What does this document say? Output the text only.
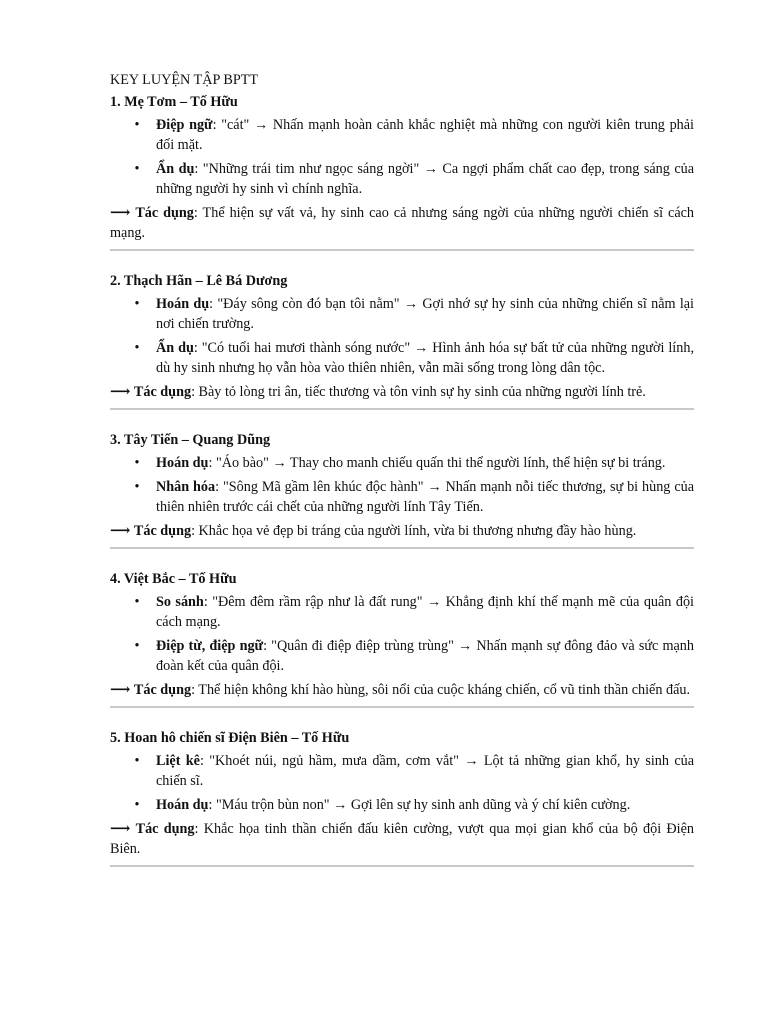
KEY LUYỆN TẬP BPTT
1. Mẹ Tơm – Tố Hữu
• Điệp ngữ: "cát" → Nhấn mạnh hoàn cảnh khắc nghiệt mà những con người kiên trung phải đối mặt.
• Ẩn dụ: "Những trái tim như ngọc sáng ngời" → Ca ngợi phẩm chất cao đẹp, trong sáng của những người hy sinh vì chính nghĩa.
⟶ Tác dụng: Thể hiện sự vất vả, hy sinh cao cả nhưng sáng ngời của những người chiến sĩ cách mạng.
2. Thạch Hãn – Lê Bá Dương
• Hoán dụ: "Đáy sông còn đó bạn tôi nằm" → Gợi nhớ sự hy sinh của những chiến sĩ nằm lại nơi chiến trường.
• Ẩn dụ: "Có tuổi hai mươi thành sóng nước" → Hình ảnh hóa sự bất tử của những người lính, dù hy sinh nhưng họ vẫn hòa vào thiên nhiên, vẫn mãi sống trong lòng dân tộc.
⟶ Tác dụng: Bày tỏ lòng tri ân, tiếc thương và tôn vinh sự hy sinh của những người lính trẻ.
3. Tây Tiến – Quang Dũng
• Hoán dụ: "Áo bào" → Thay cho manh chiếu quấn thi thể người lính, thể hiện sự bi tráng.
• Nhân hóa: "Sông Mã gầm lên khúc độc hành" → Nhấn mạnh nỗi tiếc thương, sự bi hùng của thiên nhiên trước cái chết của những người lính Tây Tiến.
⟶ Tác dụng: Khắc họa vẻ đẹp bi tráng của người lính, vừa bi thương nhưng đầy hào hùng.
4. Việt Bắc – Tố Hữu
• So sánh: "Đêm đêm rầm rập như là đất rung" → Khẳng định khí thế mạnh mẽ của quân đội cách mạng.
• Điệp từ, điệp ngữ: "Quân đi điệp điệp trùng trùng" → Nhấn mạnh sự đông đảo và sức mạnh đoàn kết của quân đội.
⟶ Tác dụng: Thể hiện không khí hào hùng, sôi nổi của cuộc kháng chiến, cổ vũ tinh thần chiến đấu.
5. Hoan hô chiến sĩ Điện Biên – Tố Hữu
• Liệt kê: "Khoét núi, ngủ hầm, mưa dầm, cơm vắt" → Lột tả những gian khổ, hy sinh của chiến sĩ.
• Hoán dụ: "Máu trộn bùn non" → Gợi lên sự hy sinh anh dũng và ý chí kiên cường.
⟶ Tác dụng: Khắc họa tinh thần chiến đấu kiên cường, vượt qua mọi gian khổ của bộ đội Điện Biên.
